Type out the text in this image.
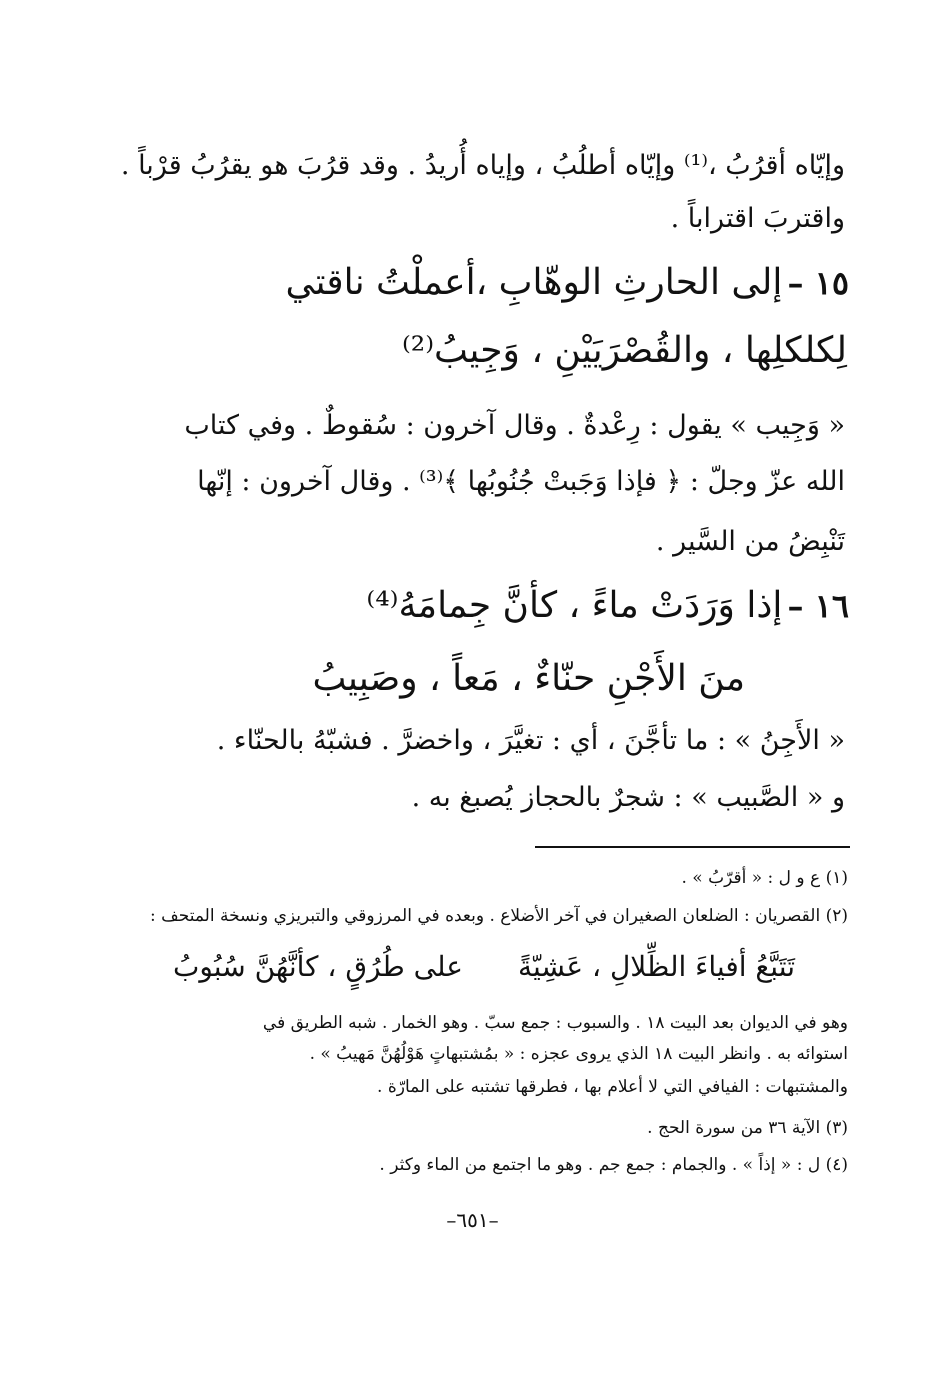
وإيّاه أقرُبُ ،⁽¹⁾ وإيّاه أطلُبُ ، وإياه أُريدُ . وقد قرُبَ هو يقرُبُ قرْباً .
واقتربَ اقتراباً .
١٥ – إلى الحارثِ الوهّابِ ،أعملْتُ ناقتي
لِكلكلِها ، والقُصْرَيَيْنِ ، وَجِيبُ⁽²⁾
« وَجِيب » يقول : رِعْدةٌ . وقال آخرون : سُقوطٌ . وفي كتاب
الله عزّ وجلّ : ﴿ فإذا وَجَبتْ جُنُوبُها ﴾⁽³⁾ . وقال آخرون : إنّها
تَنْبِضُ من السَّير .
١٦ – إذا وَرَدَتْ ماءً ، كأنَّ جِمامَهُ⁽⁴⁾
منَ الأَجْنِ حنّاءٌ ، مَعاً ، وصَبِيبُ
« الأَجِنُ » : ما تأجَّنَ ، أي : تغيَّرَ ، واخضرَّ . فشبّهُ بالحنّاء .
و « الصَّبيب » : شجرٌ بالحجاز يُصبغ به .
(١) ع و ل : « أقرّبُ » .
(٢) القصريان : الضلعان الصغيران في آخر الأضلاع . وبعده في المرزوقي والتبريزي ونسخة المتحف :
تَتَبَّعُ أفياءَ الظِّلالِ ، عَشِيّةً
على طُرُقٍ ، كأنَّهُنَّ سُبُوبُ
وهو في الديوان بعد البيت ١٨ . والسبوب : جمع سبّ . وهو الخمار . شبه الطريق في
استوائه به . وانظر البيت ١٨ الذي يروى عجزه : « بمُشتبهاتٍ هَوْلُهُنَّ مَهيبُ » .
والمشتبهات : الفيافي التي لا أعلام بها ، فطرقها تشتبه على المارّة .
(٣) الآية ٣٦ من سورة الحج .
(٤) ل : « إذاً » . والجمام : جمع جم . وهو ما اجتمع من الماء وكثر .
–٦٥١–
